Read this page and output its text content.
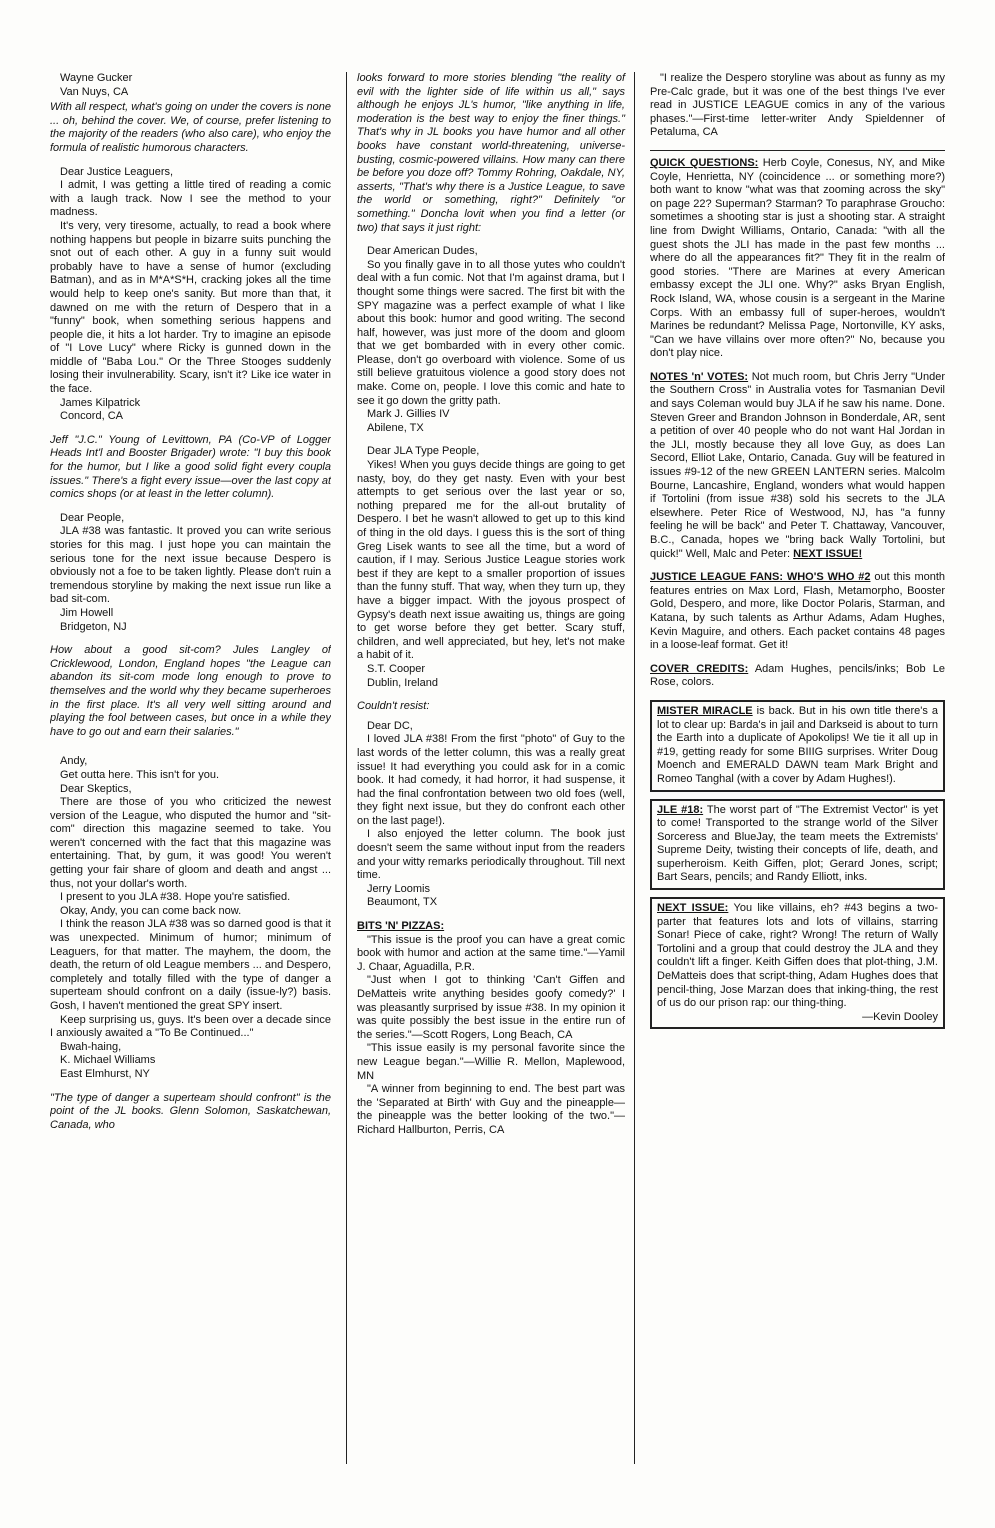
Wayne Gucker

Van Nuys, CA

With all respect, what's going on under the covers is none ... oh, behind the cover. We, of course, prefer listening to the majority of the readers (who also care), who enjoy the formula of realistic humorous characters.

Dear Justice Leaguers,

I admit, I was getting a little tired of reading a comic with a laugh track. Now I see the method to your madness.

It's very, very tiresome, actually, to read a book where nothing happens but people in bizarre suits punching the snot out of each other. A guy in a funny suit would probably have to have a sense of humor (excluding Batman), and as in M*A*S*H, cracking jokes all the time would help to keep one's sanity. But more than that, it dawned on me with the return of Despero that in a "funny" book, when something serious happens and people die, it hits a lot harder. Try to imagine an episode of "I Love Lucy" where Ricky is gunned down in the middle of "Baba Lou." Or the Three Stooges suddenly losing their invulnerability. Scary, isn't it? Like ice water in the face.

James Kilpatrick

Concord, CA

Jeff "J.C." Young of Levittown, PA (Co-VP of Logger Heads Int'l and Booster Brigader) wrote: "I buy this book for the humor, but I like a good solid fight every coupla issues." There's a fight every issue—over the last copy at comics shops (or at least in the letter column).

Dear People,

JLA #38 was fantastic. It proved you can write serious stories for this mag. I just hope you can maintain the serious tone for the next issue because Despero is obviously not a foe to be taken lightly. Please don't ruin a tremendous storyline by making the next issue run like a bad sit-com.

Jim Howell

Bridgeton, NJ

How about a good sit-com? Jules Langley of Cricklewood, London, England hopes "the League can abandon its sit-com mode long enough to prove to themselves and the world why they became superheroes in the first place. It's all very well sitting around and playing the fool between cases, but once in a while they have to go out and earn their salaries."

Andy,

Get outta here. This isn't for you.

Dear Skeptics,

There are those of you who criticized the newest version of the League, who disputed the humor and "sit-com" direction this magazine seemed to take. You weren't concerned with the fact that this magazine was entertaining. That, by gum, it was good! You weren't getting your fair share of gloom and death and angst ... thus, not your dollar's worth.

I present to you JLA #38. Hope you're satisfied.

Okay, Andy, you can come back now.

I think the reason JLA #38 was so darned good is that it was unexpected. Minimum of humor; minimum of Leaguers, for that matter. The mayhem, the doom, the death, the return of old League members ... and Despero, completely and totally filled with the type of danger a superteam should confront on a daily (issue-ly?) basis. Gosh, I haven't mentioned the great SPY insert.

Keep surprising us, guys. It's been over a decade since I anxiously awaited a "To Be Continued..."

Bwah-haing,

K. Michael Williams

East Elmhurst, NY

"The type of danger a superteam should confront" is the point of the JL books. Glenn Solomon, Saskatchewan, Canada, who

looks forward to more stories blending "the reality of evil with the lighter side of life within us all," says although he enjoys JL's humor, "like anything in life, moderation is the best way to enjoy the finer things." That's why in JL books you have humor and all other books have constant world-threatening, universe-busting, cosmic-powered villains. How many can there be before you doze off? Tommy Rohring, Oakdale, NY, asserts, "That's why there is a Justice League, to save the world or something, right?" Definitely "or something." Doncha lovit when you find a letter (or two) that says it just right:

Dear American Dudes,

So you finally gave in to all those yutes who couldn't deal with a fun comic. Not that I'm against drama, but I thought some things were sacred. The first bit with the SPY magazine was a perfect example of what I like about this book: humor and good writing. The second half, however, was just more of the doom and gloom that we get bombarded with in every other comic. Please, don't go overboard with violence. Some of us still believe gratuitous violence a good story does not make. Come on, people. I love this comic and hate to see it go down the gritty path.

Mark J. Gillies IV

Abilene, TX

Dear JLA Type People,

Yikes! When you guys decide things are going to get nasty, boy, do they get nasty. Even with your best attempts to get serious over the last year or so, nothing prepared me for the all-out brutality of Despero. I bet he wasn't allowed to get up to this kind of thing in the old days. I guess this is the sort of thing Greg Lisek wants to see all the time, but a word of caution, if I may. Serious Justice League stories work best if they are kept to a smaller proportion of issues than the funny stuff. That way, when they turn up, they have a bigger impact. With the joyous prospect of Gypsy's death next issue awaiting us, things are going to get worse before they get better. Scary stuff, children, and well appreciated, but hey, let's not make a habit of it.

S.T. Cooper

Dublin, Ireland

Couldn't resist:

Dear DC,

I loved JLA #38! From the first "photo" of Guy to the last words of the letter column, this was a really great issue! It had everything you could ask for in a comic book. It had comedy, it had horror, it had suspense, it had the final confrontation between two old foes (well, they fight next issue, but they do confront each other on the last page!).

I also enjoyed the letter column. The book just doesn't seem the same without input from the readers and your witty remarks periodically throughout. Till next time.

Jerry Loomis

Beaumont, TX

BITS 'N' PIZZAS:

"This issue is the proof you can have a great comic book with humor and action at the same time."—Yamil J. Chaar, Aguadilla, P.R.

"Just when I got to thinking 'Can't Giffen and DeMatteis write anything besides goofy comedy?' I was pleasantly surprised by issue #38. In my opinion it was quite possibly the best issue in the entire run of the series."—Scott Rogers, Long Beach, CA

"This issue easily is my personal favorite since the new League began."—Willie R. Mellon, Maplewood, MN

"A winner from beginning to end. The best part was the 'Separated at Birth' with Guy and the pineapple—the pineapple was the better looking of the two."—Richard Hallburton, Perris, CA

"I realize the Despero storyline was about as funny as my Pre-Calc grade, but it was one of the best things I've ever read in JUSTICE LEAGUE comics in any of the various phases."—First-time letter-writer Andy Spieldenner of Petaluma, CA

QUICK QUESTIONS: Herb Coyle, Conesus, NY, and Mike Coyle, Henrietta, NY (coincidence ... or something more?) both want to know "what was that zooming across the sky" on page 22? Superman? Starman? To paraphrase Groucho: sometimes a shooting star is just a shooting star. A straight line from Dwight Williams, Ontario, Canada: "with all the guest shots the JLI has made in the past few months ... where do all the appearances fit?" They fit in the realm of good stories. "There are Marines at every American embassy except the JLI one. Why?" asks Bryan English, Rock Island, WA, whose cousin is a sergeant in the Marine Corps. With an embassy full of super-heroes, wouldn't Marines be redundant? Melissa Page, Nortonville, KY asks, "Can we have villains over more often?" No, because you don't play nice.

NOTES 'n' VOTES: Not much room, but Chris Jerry "Under the Southern Cross" in Australia votes for Tasmanian Devil and says Coleman would buy JLA if he saw his name. Done. Steven Greer and Brandon Johnson in Bonderdale, AR, sent a petition of over 40 people who do not want Hal Jordan in the JLI, mostly because they all love Guy, as does Lan Secord, Elliot Lake, Ontario, Canada. Guy will be featured in issues #9-12 of the new GREEN LANTERN series. Malcolm Bourne, Lancashire, England, wonders what would happen if Tortolini (from issue #38) sold his secrets to the JLA elsewhere. Peter Rice of Westwood, NJ, has "a funny feeling he will be back" and Peter T. Chattaway, Vancouver, B.C., Canada, hopes we "bring back Wally Tortolini, but quick!" Well, Malc and Peter: NEXT ISSUE!

JUSTICE LEAGUE FANS: WHO'S WHO #2 out this month features entries on Max Lord, Flash, Metamorpho, Booster Gold, Despero, and more, like Doctor Polaris, Starman, and Katana, by such talents as Arthur Adams, Adam Hughes, Kevin Maguire, and others. Each packet contains 48 pages in a loose-leaf format. Get it!

COVER CREDITS: Adam Hughes, pencils/inks; Bob Le Rose, colors.

MISTER MIRACLE is back. But in his own title there's a lot to clear up: Barda's in jail and Darkseid is about to turn the Earth into a duplicate of Apokolips! We tie it all up in #19, getting ready for some BIIIG surprises. Writer Doug Moench and EMERALD DAWN team Mark Bright and Romeo Tanghal (with a cover by Adam Hughes!).
JLE #18: The worst part of "The Extremist Vector" is yet to come! Transported to the strange world of the Silver Sorceress and BlueJay, the team meets the Extremists' Supreme Deity, twisting their concepts of life, death, and superheroism. Keith Giffen, plot; Gerard Jones, script; Bart Sears, pencils; and Randy Elliott, inks.
NEXT ISSUE: You like villains, eh? #43 begins a two-parter that features lots and lots of villains, starring Sonar! Piece of cake, right? Wrong! The return of Wally Tortolini and a group that could destroy the JLA and they couldn't lift a finger. Keith Giffen does that plot-thing, J.M. DeMatteis does that script-thing, Adam Hughes does that pencil-thing, Jose Marzan does that inking-thing, the rest of us do our prison rap: our thing-thing.

—Kevin Dooley
